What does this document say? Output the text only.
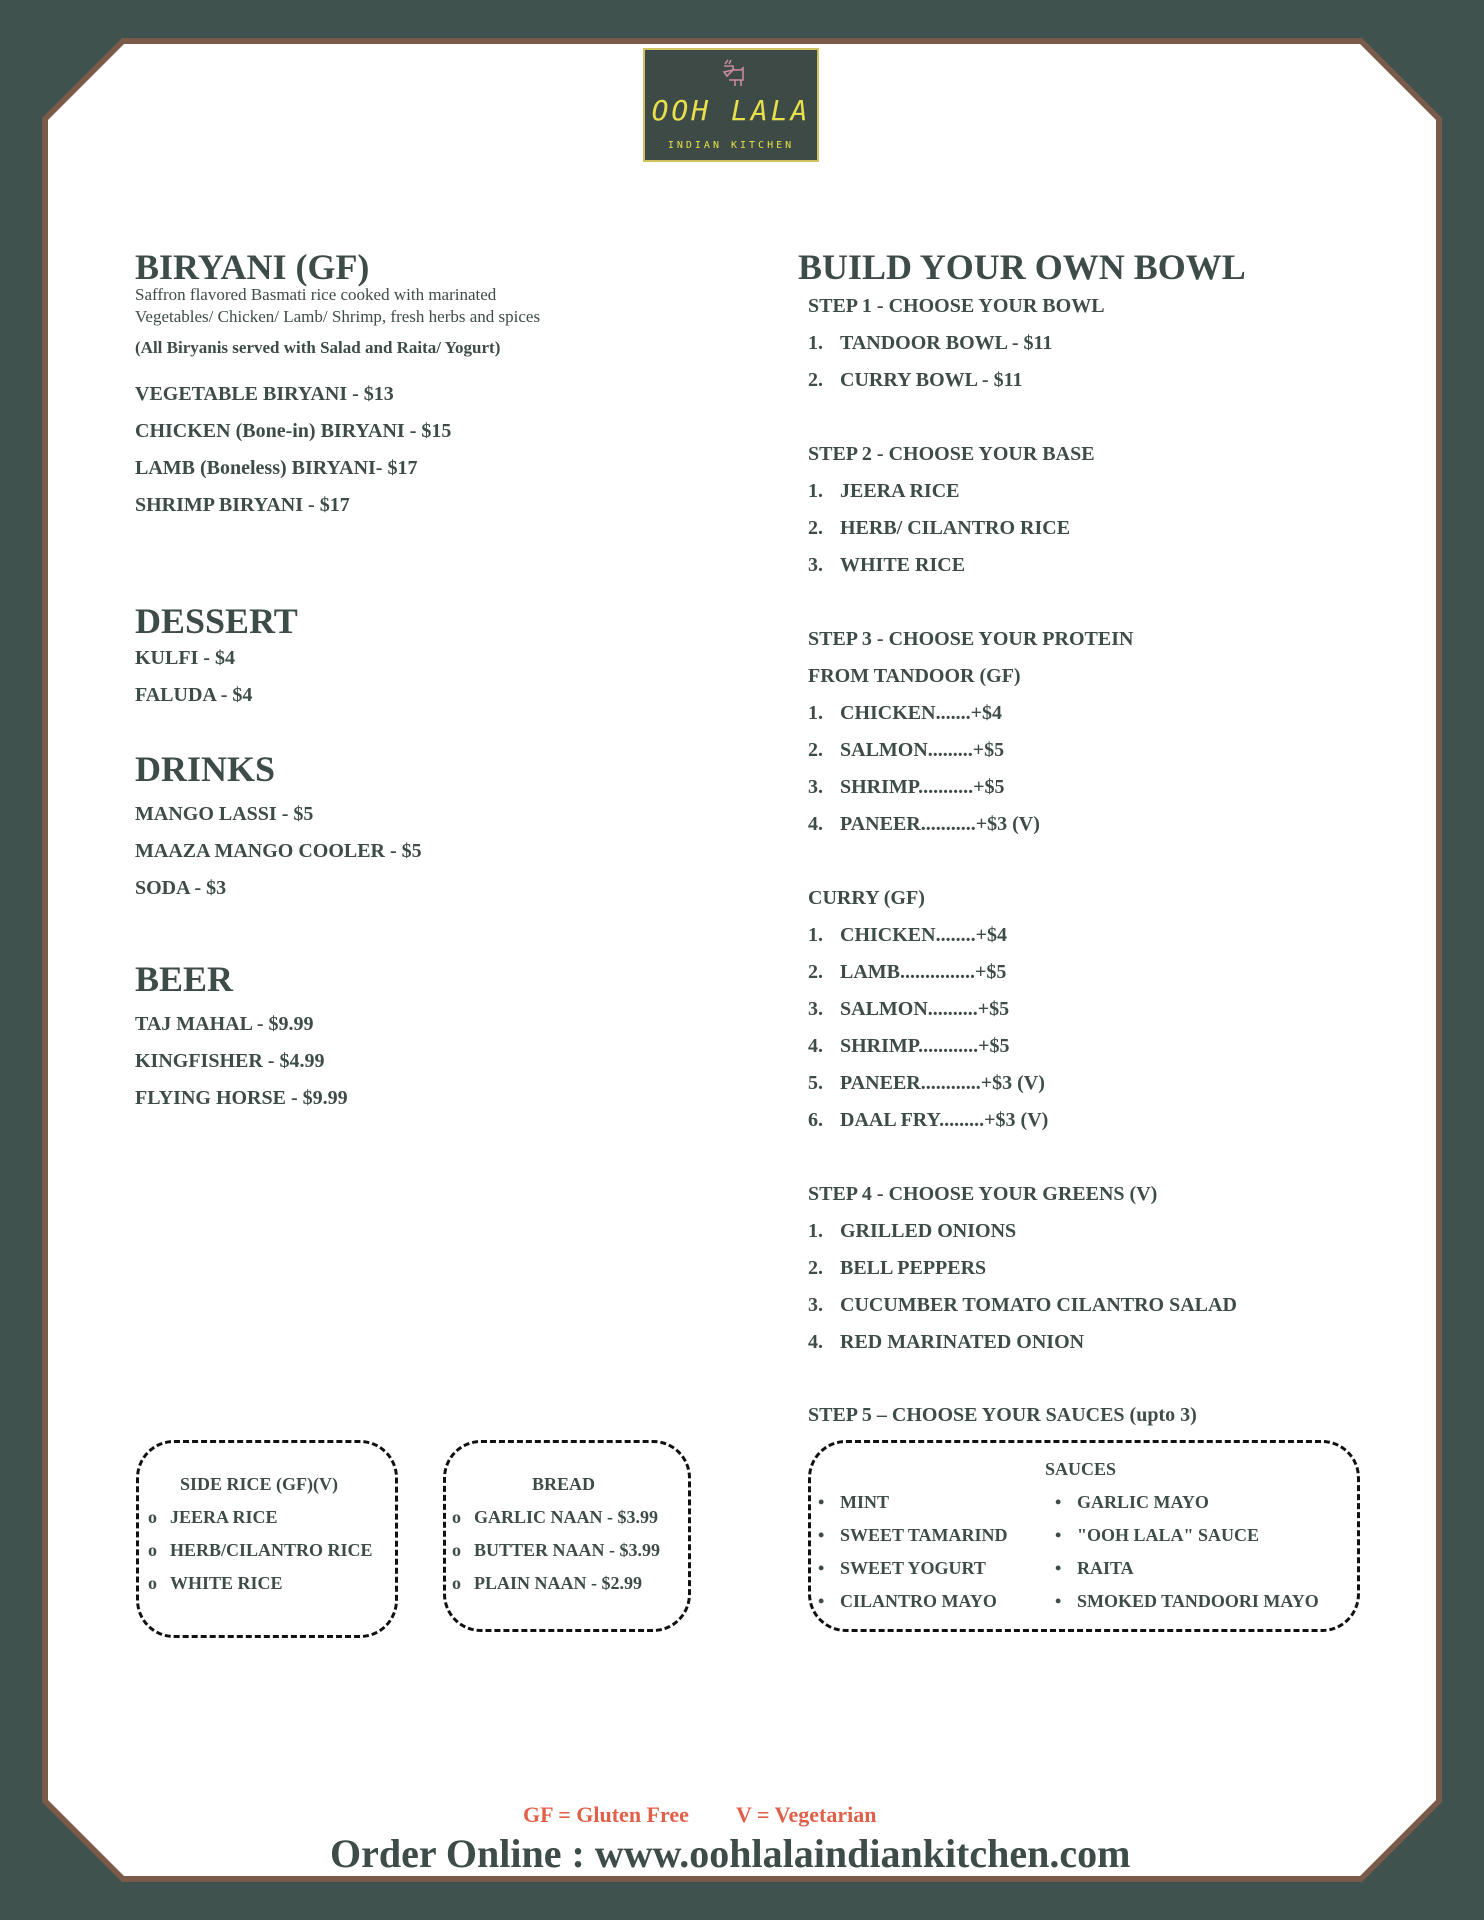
OOH LALA
INDIAN KITCHEN
BIRYANI (GF)
Saffron flavored Basmati rice cooked with marinated
Vegetables/ Chicken/ Lamb/ Shrimp, fresh herbs and spices
(All Biryanis served with Salad and Raita/ Yogurt)
VEGETABLE BIRYANI - $13
CHICKEN (Bone-in) BIRYANI - $15
LAMB (Boneless) BIRYANI- $17
SHRIMP BIRYANI - $17
DESSERT
KULFI - $4
FALUDA - $4
DRINKS
MANGO LASSI - $5
MAAZA MANGO COOLER - $5
SODA - $3
BEER
TAJ MAHAL - $9.99
KINGFISHER - $4.99
FLYING HORSE - $9.99
BUILD YOUR OWN BOWL
STEP 1 - CHOOSE YOUR BOWL
1. TANDOOR BOWL - $11
2. CURRY BOWL - $11
STEP 2 - CHOOSE YOUR BASE
1. JEERA RICE
2. HERB/ CILANTRO RICE
3. WHITE RICE
STEP 3 - CHOOSE YOUR PROTEIN
FROM TANDOOR (GF)
1. CHICKEN.......+$4
2. SALMON.........+$5
3. SHRIMP...........+$5
4. PANEER...........+$3 (V)
CURRY (GF)
1. CHICKEN........+$4
2. LAMB...............+$5
3. SALMON..........+$5
4. SHRIMP............+$5
5. PANEER............+$3 (V)
6. DAAL FRY.........+$3 (V)
STEP 4 - CHOOSE YOUR GREENS (V)
1. GRILLED ONIONS
2. BELL PEPPERS
3. CUCUMBER TOMATO CILANTRO SALAD
4. RED MARINATED ONION
STEP 5 – CHOOSE YOUR SAUCES (upto 3)
SIDE RICE (GF)(V)
o JEERA RICE
o HERB/CILANTRO RICE
o WHITE RICE
BREAD
o GARLIC NAAN - $3.99
o BUTTER NAAN - $3.99
o PLAIN NAAN - $2.99
SAUCES
• MINT
• SWEET TAMARIND
• SWEET YOGURT
• CILANTRO MAYO
• GARLIC MAYO
• "OOH LALA" SAUCE
• RAITA
• SMOKED TANDOORI MAYO
GF = Gluten Free V = Vegetarian
Order Online : www.oohlalaindiankitchen.com
